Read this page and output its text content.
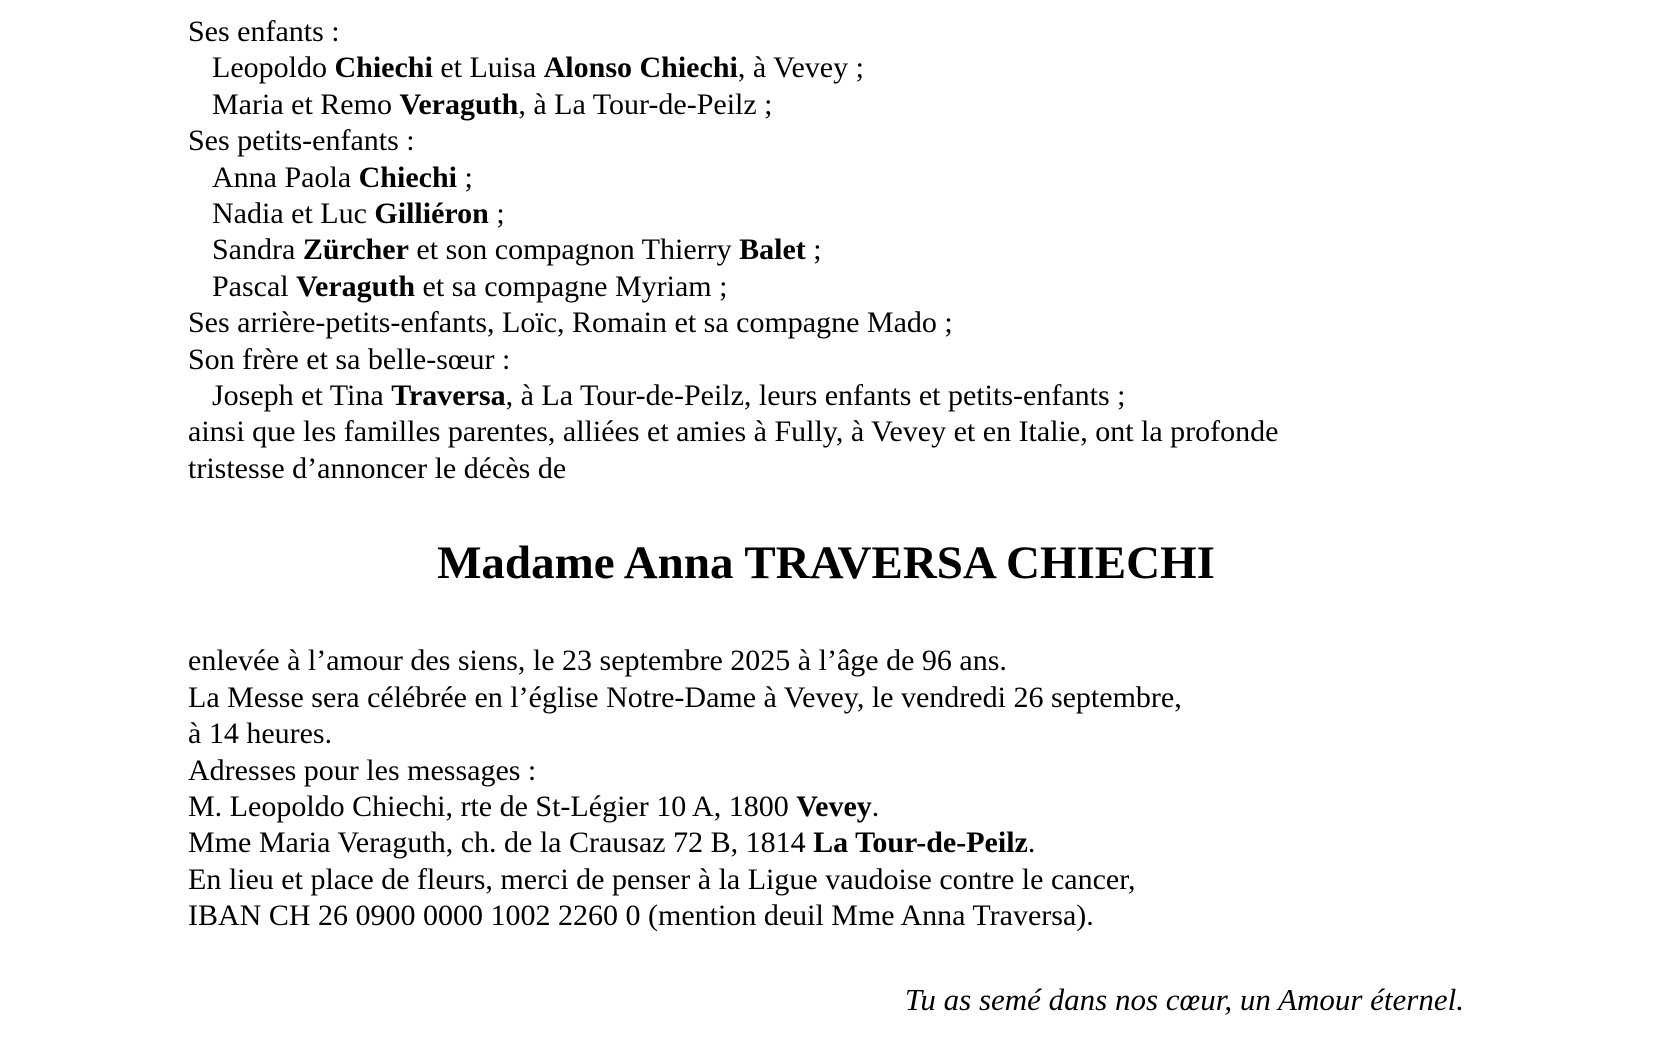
Ses enfants :
Leopoldo Chiechi et Luisa Alonso Chiechi, à Vevey ;
Maria et Remo Veraguth, à La Tour-de-Peilz ;
Ses petits-enfants :
Anna Paola Chiechi ;
Nadia et Luc Gilliéron ;
Sandra Zürcher et son compagnon Thierry Balet ;
Pascal Veraguth et sa compagne Myriam ;
Ses arrière-petits-enfants, Loïc, Romain et sa compagne Mado ;
Son frère et sa belle-sœur :
Joseph et Tina Traversa, à La Tour-de-Peilz, leurs enfants et petits-enfants ;
ainsi que les familles parentes, alliées et amies à Fully, à Vevey et en Italie, ont la profonde
tristesse d’annoncer le décès de
Madame Anna TRAVERSA CHIECHI
enlevée à l’amour des siens, le 23 septembre 2025 à l’âge de 96 ans.
La Messe sera célébrée en l’église Notre-Dame à Vevey, le vendredi 26 septembre,
à 14 heures.
Adresses pour les messages :
M. Leopoldo Chiechi, rte de St-Légier 10 A, 1800 Vevey.
Mme Maria Veraguth, ch. de la Crausaz 72 B, 1814 La Tour-de-Peilz.
En lieu et place de fleurs, merci de penser à la Ligue vaudoise contre le cancer,
IBAN CH 26 0900 0000 1002 2260 0 (mention deuil Mme Anna Traversa).
Tu as semé dans nos cœur, un Amour éternel.
